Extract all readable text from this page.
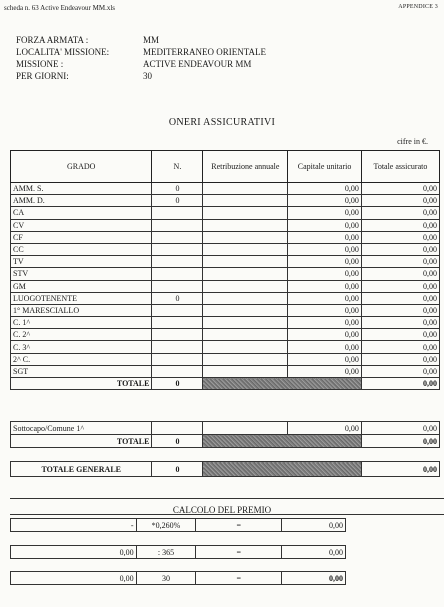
scheda n. 63 Active Endeavour MM.xls	APPENDICE 3
FORZA ARMATA :	MM
LOCALITA' MISSIONE:	MEDITERRANEO ORIENTALE
MISSIONE :	ACTIVE ENDEAVOUR MM
PER GIORNI:	30
ONERI ASSICURATIVI
cifre in €.
GRADO	N.	Retribuzione annuale	Capitale unitario	Totale assicurato
AMM. S.	0		0,00	0,00
AMM. D.	0		0,00	0,00
CA			0,00	0,00
CV			0,00	0,00
CF			0,00	0,00
CC			0,00	0,00
TV			0,00	0,00
STV			0,00	0,00
GM			0,00	0,00
LUOGOTENENTE	0		0,00	0,00
1° MARESCIALLO			0,00	0,00
C. 1^			0,00	0,00
C. 2^			0,00	0,00
C. 3^			0,00	0,00
2^ C.			0,00	0,00
SGT			0,00	0,00
TOTALE	0			0,00
Sottocapo/Comune 1^			0,00	0,00
TOTALE	0			0,00
TOTALE GENERALE	0		0,00
CALCOLO DEL PREMIO
-	*0,260%	=	0,00
0,00	: 365	=	0,00
0,00	30	=	0,00
